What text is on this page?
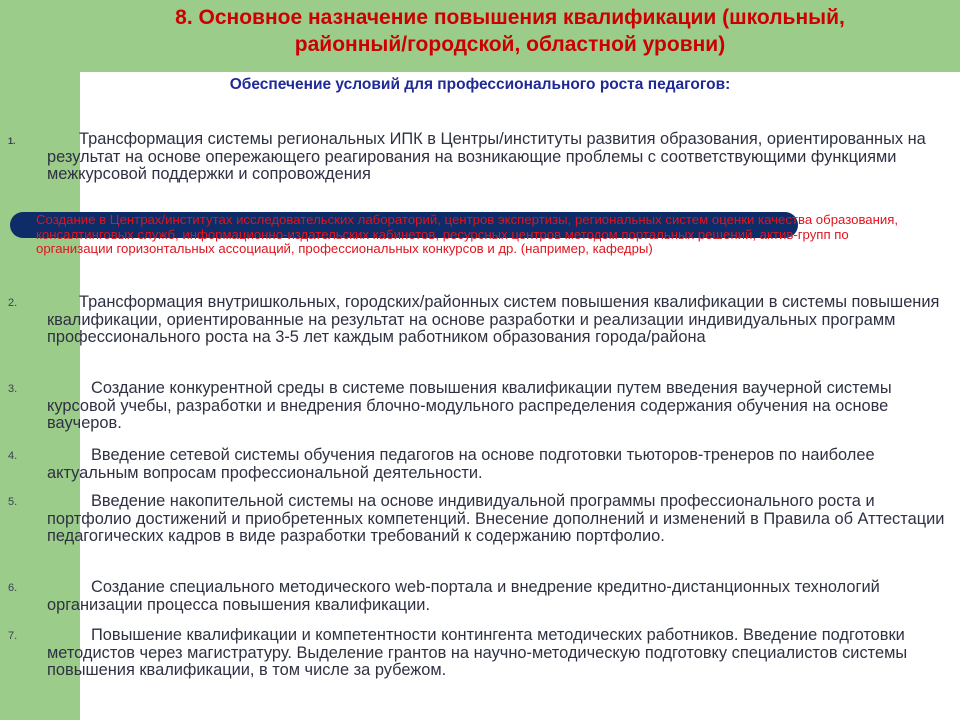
8. Основное назначение повышения квалификации (школьный,
районный/городской, областной уровни)
Обеспечение условий для профессионального роста педагогов:
1.	Трансформация системы региональных ИПК в Центры/институты развития образования, ориентированных на результат на основе опережающего реагирования на возникающие проблемы с соответствующими функциями межкурсовой поддержки и сопровождения
Создание в Центрах/институтах исследовательских лабораторий, центров экспертизы, региональных систем оценки качества образования, консалтинговых служб, информационно-издательских кабинетов, ресурсных центров методом портальных решений, актив-групп по организации горизонтальных ассоциаций, профессиональных конкурсов и др. (например, кафедры)
2.	Трансформация внутришкольных, городских/районных систем повышения квалификации в системы повышения квалификации, ориентированные на результат на основе разработки и реализации индивидуальных программ профессионального роста на 3-5 лет каждым работником образования города/района
3.	Создание конкурентной среды в системе повышения квалификации путем введения ваучерной системы курсовой учебы, разработки и внедрения блочно-модульного распределения содержания обучения на основе ваучеров.
4.	Введение сетевой системы обучения педагогов на основе подготовки тьюторов-тренеров по наиболее актуальным вопросам профессиональной деятельности.
5.	Введение накопительной системы на основе индивидуальной программы профессионального роста и портфолио достижений и приобретенных компетенций. Внесение дополнений и изменений в Правила об Аттестации педагогических кадров в виде разработки требований к содержанию портфолио.
6.	Создание специального методического web-портала и внедрение кредитно-дистанционных технологий организации процесса повышения квалификации.
7.	Повышение квалификации и компетентности контингента методических работников. Введение подготовки методистов через магистратуру. Выделение грантов на научно-методическую подготовку специалистов системы повышения квалификации, в том числе за рубежом.
